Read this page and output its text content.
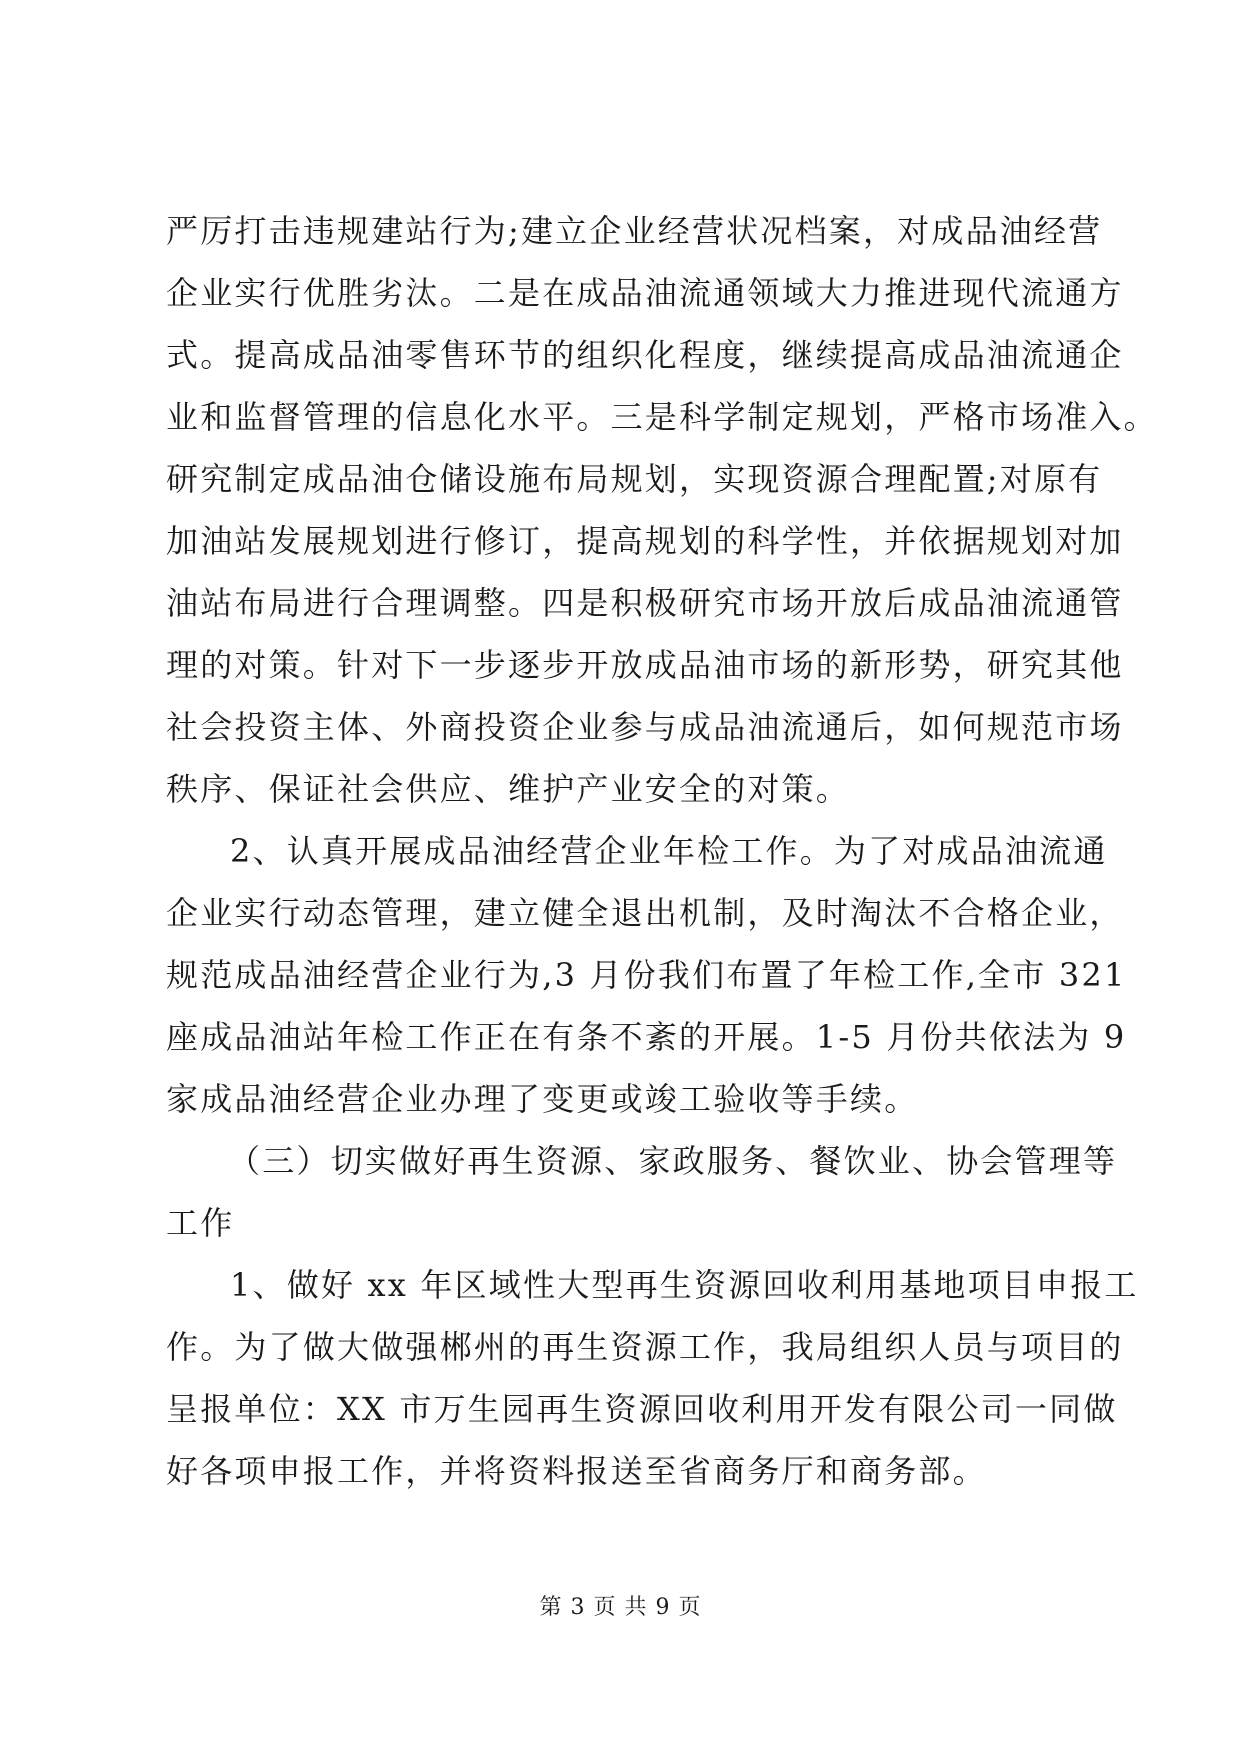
严厉打击违规建站行为;建立企业经营状况档案，对成品油经营
企业实行优胜劣汰。二是在成品油流通领域大力推进现代流通方
式。提高成品油零售环节的组织化程度，继续提高成品油流通企
业和监督管理的信息化水平。三是科学制定规划，严格市场准入。
研究制定成品油仓储设施布局规划，实现资源合理配置;对原有
加油站发展规划进行修订，提高规划的科学性，并依据规划对加
油站布局进行合理调整。四是积极研究市场开放后成品油流通管
理的对策。针对下一步逐步开放成品油市场的新形势，研究其他
社会投资主体、外商投资企业参与成品油流通后，如何规范市场
秩序、保证社会供应、维护产业安全的对策。
2、认真开展成品油经营企业年检工作。为了对成品油流通
企业实行动态管理，建立健全退出机制，及时淘汰不合格企业，
规范成品油经营企业行为,3 月份我们布置了年检工作,全市 321
座成品油站年检工作正在有条不紊的开展。1-5 月份共依法为 9
家成品油经营企业办理了变更或竣工验收等手续。
（三）切实做好再生资源、家政服务、餐饮业、协会管理等
工作
1、做好 xx 年区域性大型再生资源回收利用基地项目申报工
作。为了做大做强郴州的再生资源工作，我局组织人员与项目的
呈报单位：XX 市万生园再生资源回收利用开发有限公司一同做
好各项申报工作，并将资料报送至省商务厅和商务部。
第 3 页 共 9 页
